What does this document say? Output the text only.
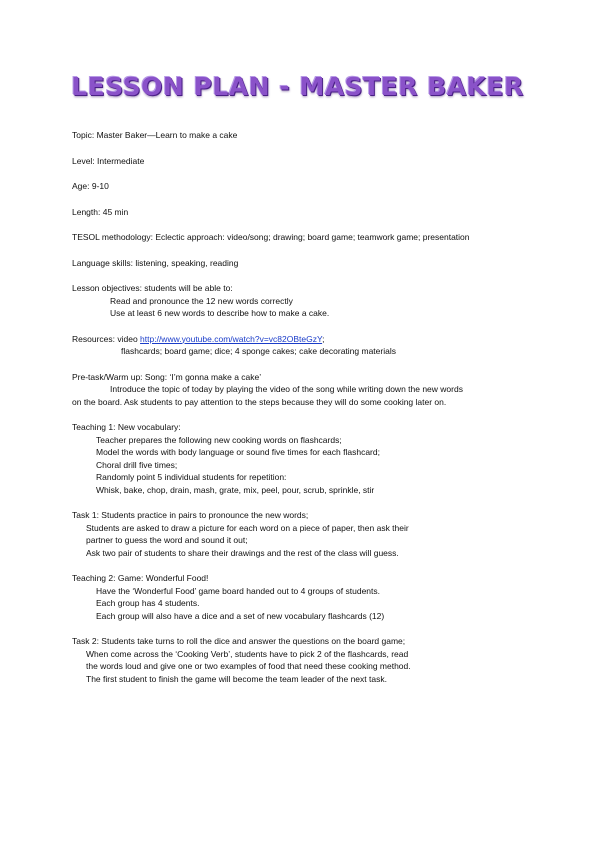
LESSON PLAN - MASTER BAKER
Topic: Master Baker—Learn to make a cake
Level: Intermediate
Age: 9-10
Length: 45 min
TESOL methodology: Eclectic approach: video/song; drawing; board game; teamwork game; presentation
Language skills: listening, speaking, reading
Lesson objectives: students will be able to:
Read and pronounce the 12 new words correctly
Use at least 6 new words to describe how to make a cake.
Resources: video http://www.youtube.com/watch?v=vc82OBteGzY;
flashcards; board game; dice; 4 sponge cakes; cake decorating materials
Pre-task/Warm up: Song: ‘I’m gonna make a cake’
Introduce the topic of today by playing the video of the song while writing down the new words
on the board. Ask students to pay attention to the steps because they will do some cooking later on.
Teaching 1: New vocabulary:
Teacher prepares the following new cooking words on flashcards;
Model the words with body language or sound five times for each flashcard;
Choral drill five times;
Randomly point 5 individual students for repetition:
Whisk, bake, chop, drain, mash, grate, mix, peel, pour, scrub, sprinkle, stir
Task 1: Students practice in pairs to pronounce the new words;
Students are asked to draw a picture for each word on a piece of paper, then ask their
partner to guess the word and sound it out;
Ask two pair of students to share their drawings and the rest of the class will guess.
Teaching 2: Game: Wonderful Food!
Have the ‘Wonderful Food’ game board handed out to 4 groups of students.
Each group has 4 students.
Each group will also have a dice and a set of new vocabulary flashcards (12)
Task 2: Students take turns to roll the dice and answer the questions on the board game;
When come across the ‘Cooking Verb’, students have to pick 2 of the flashcards, read
the words loud and give one or two examples of food that need these cooking method.
The first student to finish the game will become the team leader of the next task.
